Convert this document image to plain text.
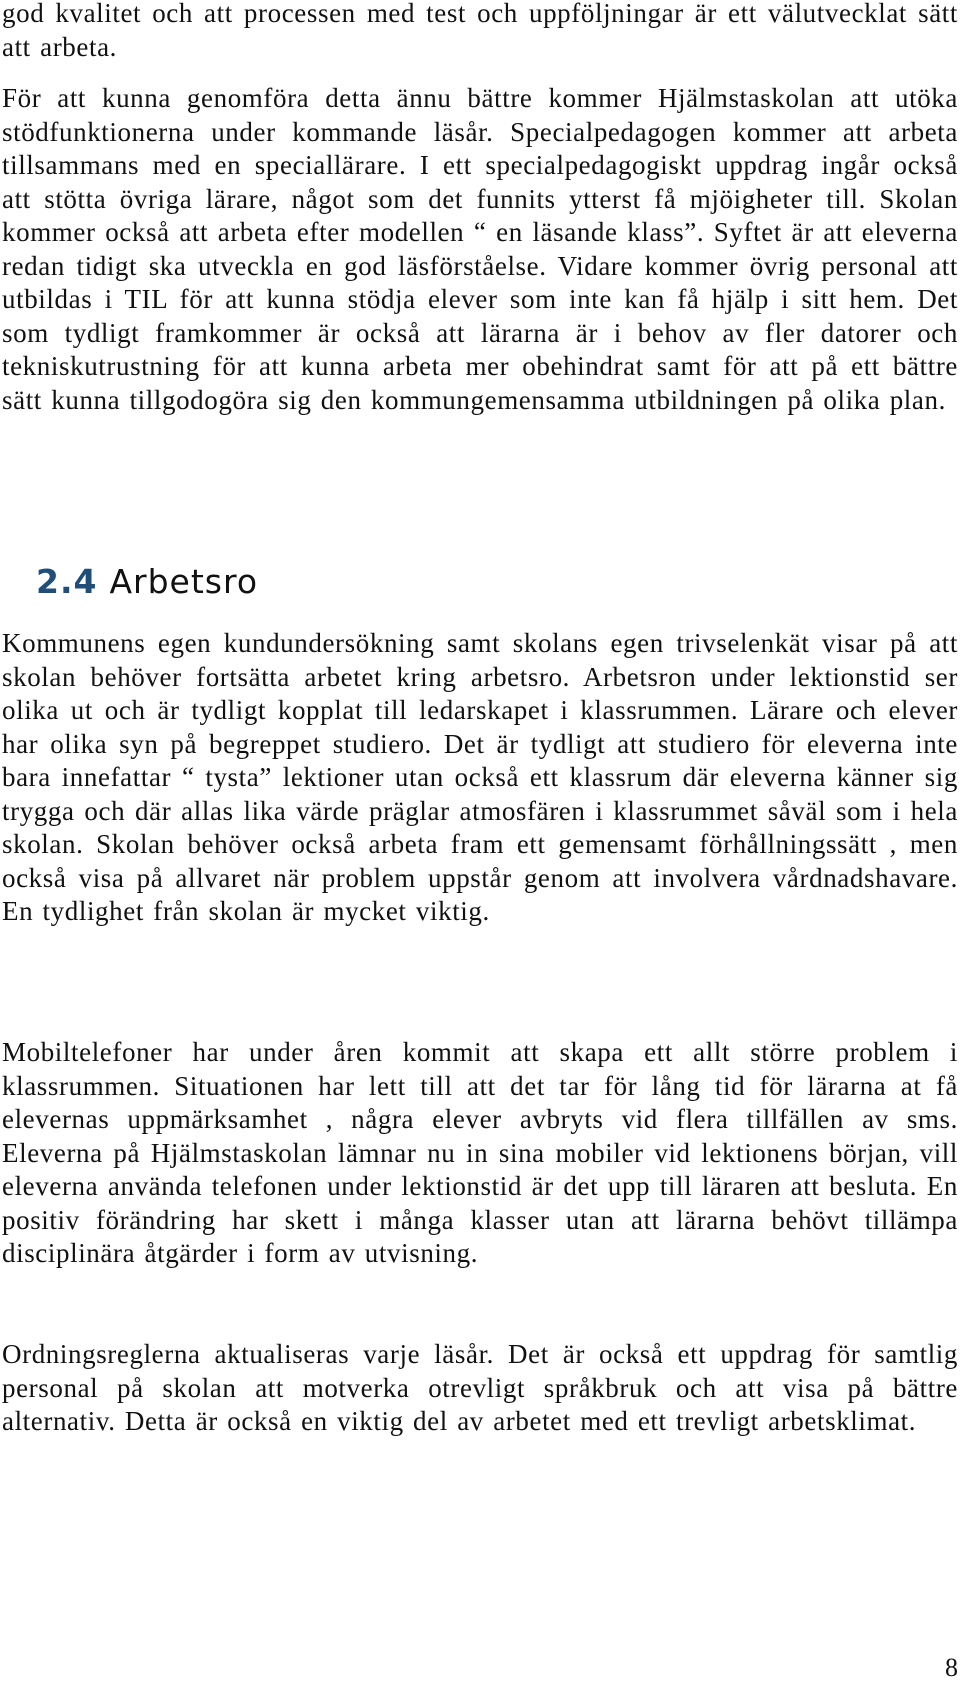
god kvalitet och att processen med test och uppföljningar är ett välutvecklat sätt att arbeta.

För att kunna genomföra detta ännu bättre kommer Hjälmstaskolan att utöka stödfunktionerna under kommande läsår. Specialpedagogen kommer att arbeta tillsammans med en speciallärare. I ett specialpedagogiskt uppdrag ingår också att stötta övriga lärare, något som det funnits ytterst få mjöigheter till. Skolan kommer också att arbeta efter modellen “ en läsande klass”. Syftet är att eleverna redan tidigt ska utveckla en god läsförståelse. Vidare kommer övrig personal att utbildas i TIL för att kunna stödja elever som inte kan få hjälp i sitt hem. Det som tydligt framkommer är också att lärarna är i behov av fler datorer och tekniskutrustning för att kunna arbeta mer obehindrat samt för att på ett bättre sätt kunna tillgodogöra sig den kommungemensamma utbildningen på olika plan.

2.4 Arbetsro

Kommunens egen kundundersökning samt skolans egen trivselenkät visar på att skolan behöver fortsätta arbetet kring arbetsro. Arbetsron under lektionstid ser olika ut och är tydligt kopplat till ledarskapet i klassrummen. Lärare och elever har olika syn på begreppet studiero. Det är tydligt att studiero för eleverna inte bara innefattar “ tysta” lektioner utan också ett klassrum där eleverna känner sig trygga och där allas lika värde präglar atmosfären i klassrummet såväl som i hela skolan. Skolan behöver också arbeta fram ett gemensamt förhållningssätt , men också visa på allvaret när problem uppstår genom att involvera vårdnadshavare. En tydlighet från skolan är mycket viktig.

Mobiltelefoner har under åren kommit att skapa ett allt större problem i klassrummen. Situationen har lett till att det tar för lång tid för lärarna at få elevernas uppmärksamhet , några elever avbryts vid flera tillfällen av sms. Eleverna på Hjälmstaskolan lämnar nu in sina mobiler vid lektionens början, vill eleverna använda telefonen under lektionstid är det upp till läraren att besluta. En positiv förändring har skett i många klasser utan att lärarna behövt tillämpa disciplinära åtgärder i form av utvisning.

Ordningsreglerna aktualiseras varje läsår. Det är också ett uppdrag för samtlig personal på skolan att motverka otrevligt språkbruk och att visa på bättre alternativ. Detta är också en viktig del av arbetet med ett trevligt arbetsklimat.

8
